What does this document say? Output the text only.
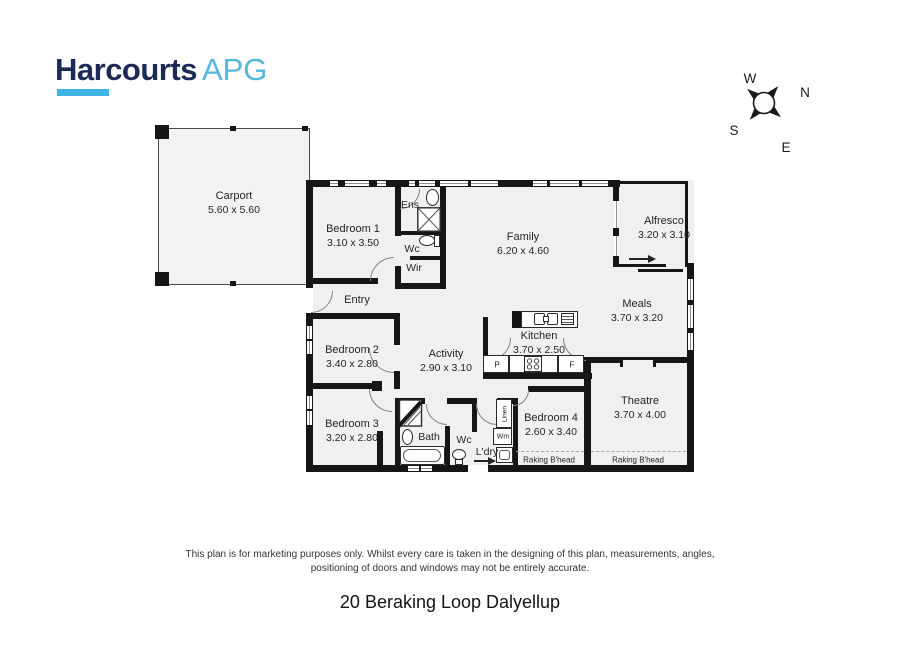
Harcourts APG	W
N
S
E
P	F
Wm
Linen
Raking B'head	Raking B'head
Carport
5.60 x 5.60
Bedroom 1
3.10 x 3.50
Ens
Wc
Wir
Entry
Family
6.20 x 4.60
Alfresco
3.20 x 3.10
Meals
3.70 x 3.20
Kitchen
3.70 x 2.50
Activity
2.90 x 3.10
Bedroom 2
3.40 x 2.80
Bedroom 3
3.20 x 2.80	Bath Wc
L'dry
Bedroom 4
2.60 x 3.40
Theatre
3.70 x 4.00
This plan is for marketing purposes only. Whilst every care is taken in the designing of this plan, measurements, angles,
positioning of doors and windows may not be entirely accurate.
20 Beraking Loop Dalyellup
